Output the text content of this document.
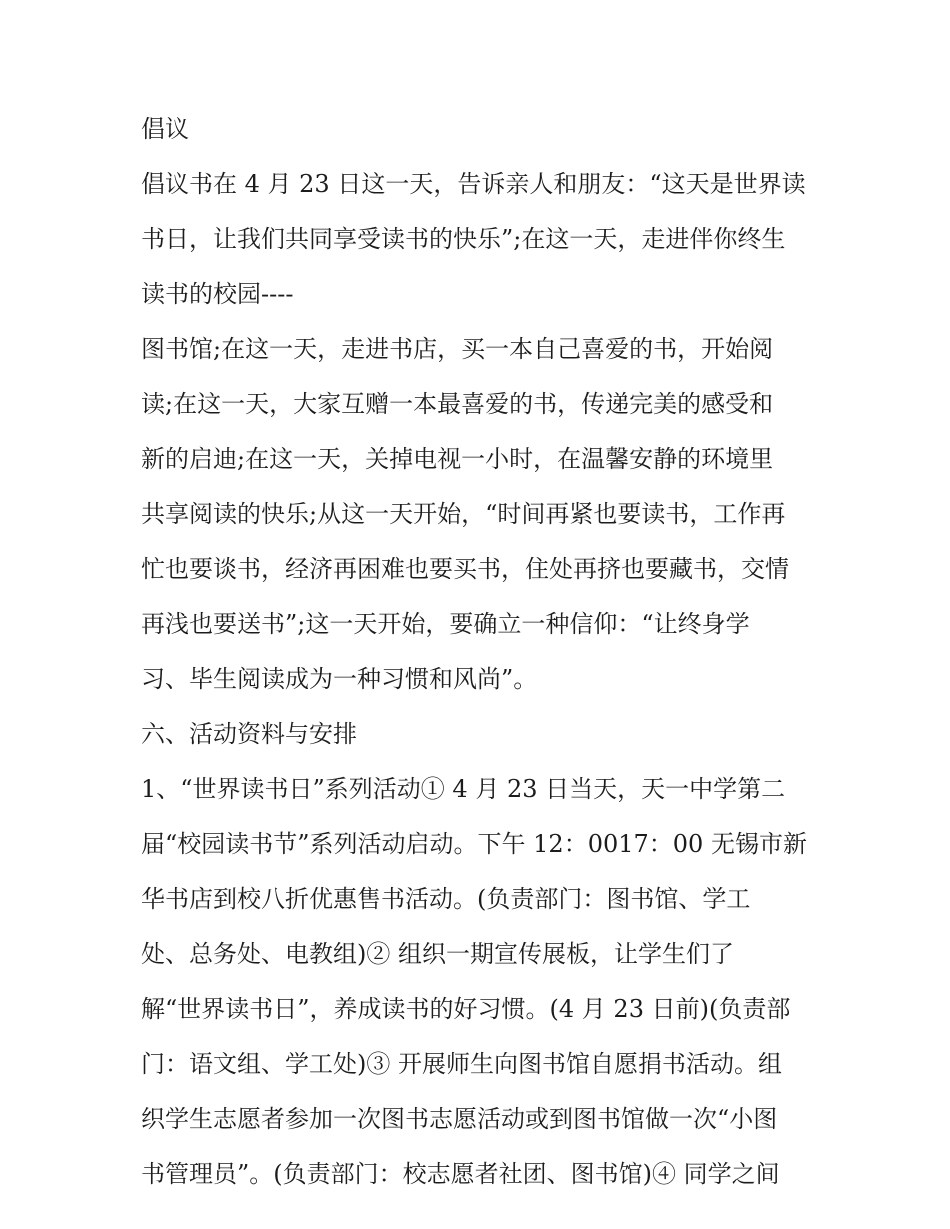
倡议
倡议书在 4 月 23 日这一天，告诉亲人和朋友：“这天是世界读
书日，让我们共同享受读书的快乐”;在这一天，走进伴你终生
读书的校园----
图书馆;在这一天，走进书店，买一本自己喜爱的书，开始阅
读;在这一天，大家互赠一本最喜爱的书，传递完美的感受和
新的启迪;在这一天，关掉电视一小时，在温馨安静的环境里
共享阅读的快乐;从这一天开始，“时间再紧也要读书，工作再
忙也要谈书，经济再困难也要买书，住处再挤也要藏书，交情
再浅也要送书”;这一天开始，要确立一种信仰：“让终身学
习、毕生阅读成为一种习惯和风尚”。
六、活动资料与安排
1、“世界读书日”系列活动① 4 月 23 日当天，天一中学第二
届“校园读书节”系列活动启动。下午 12：0017：00 无锡市新
华书店到校八折优惠售书活动。(负责部门：图书馆、学工
处、总务处、电教组)② 组织一期宣传展板，让学生们了
解“世界读书日”，养成读书的好习惯。(4 月 23 日前)(负责部
门：语文组、学工处)③ 开展师生向图书馆自愿捐书活动。组
织学生志愿者参加一次图书志愿活动或到图书馆做一次“小图
书管理员”。(负责部门：校志愿者社团、图书馆)④ 同学之间
